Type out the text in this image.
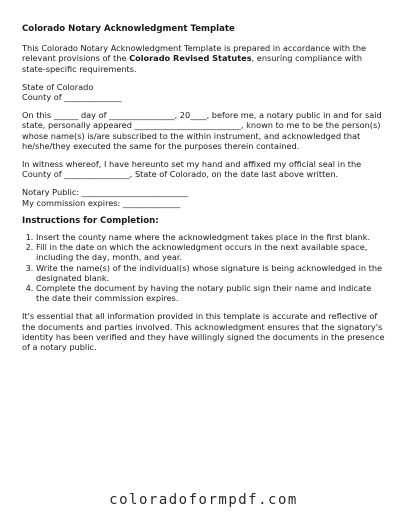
Colorado Notary Acknowledgment Template

This Colorado Notary Acknowledgment Template is prepared in accordance with the relevant provisions of the Colorado Revised Statutes, ensuring compliance with state-specific requirements.

State of Colorado
County of ______________

On this ______ day of ________________, 20____, before me, a notary public in and for said state, personally appeared __________________________, known to me to be the person(s) whose name(s) is/are subscribed to the within instrument, and acknowledged that he/she/they executed the same for the purposes therein contained.

In witness whereof, I have hereunto set my hand and affixed my official seal in the County of ________________, State of Colorado, on the date last above written.

Notary Public: __________________________
My commission expires: ______________

Instructions for Completion:
1. Insert the county name where the acknowledgment takes place in the first blank.
2. Fill in the date on which the acknowledgment occurs in the next available space, including the day, month, and year.
3. Write the name(s) of the individual(s) whose signature is being acknowledged in the designated blank.
4. Complete the document by having the notary public sign their name and indicate the date their commission expires.

It's essential that all information provided in this template is accurate and reflective of the documents and parties involved. This acknowledgment ensures that the signatory's identity has been verified and they have willingly signed the documents in the presence of a notary public.

coloradoformpdf.com
